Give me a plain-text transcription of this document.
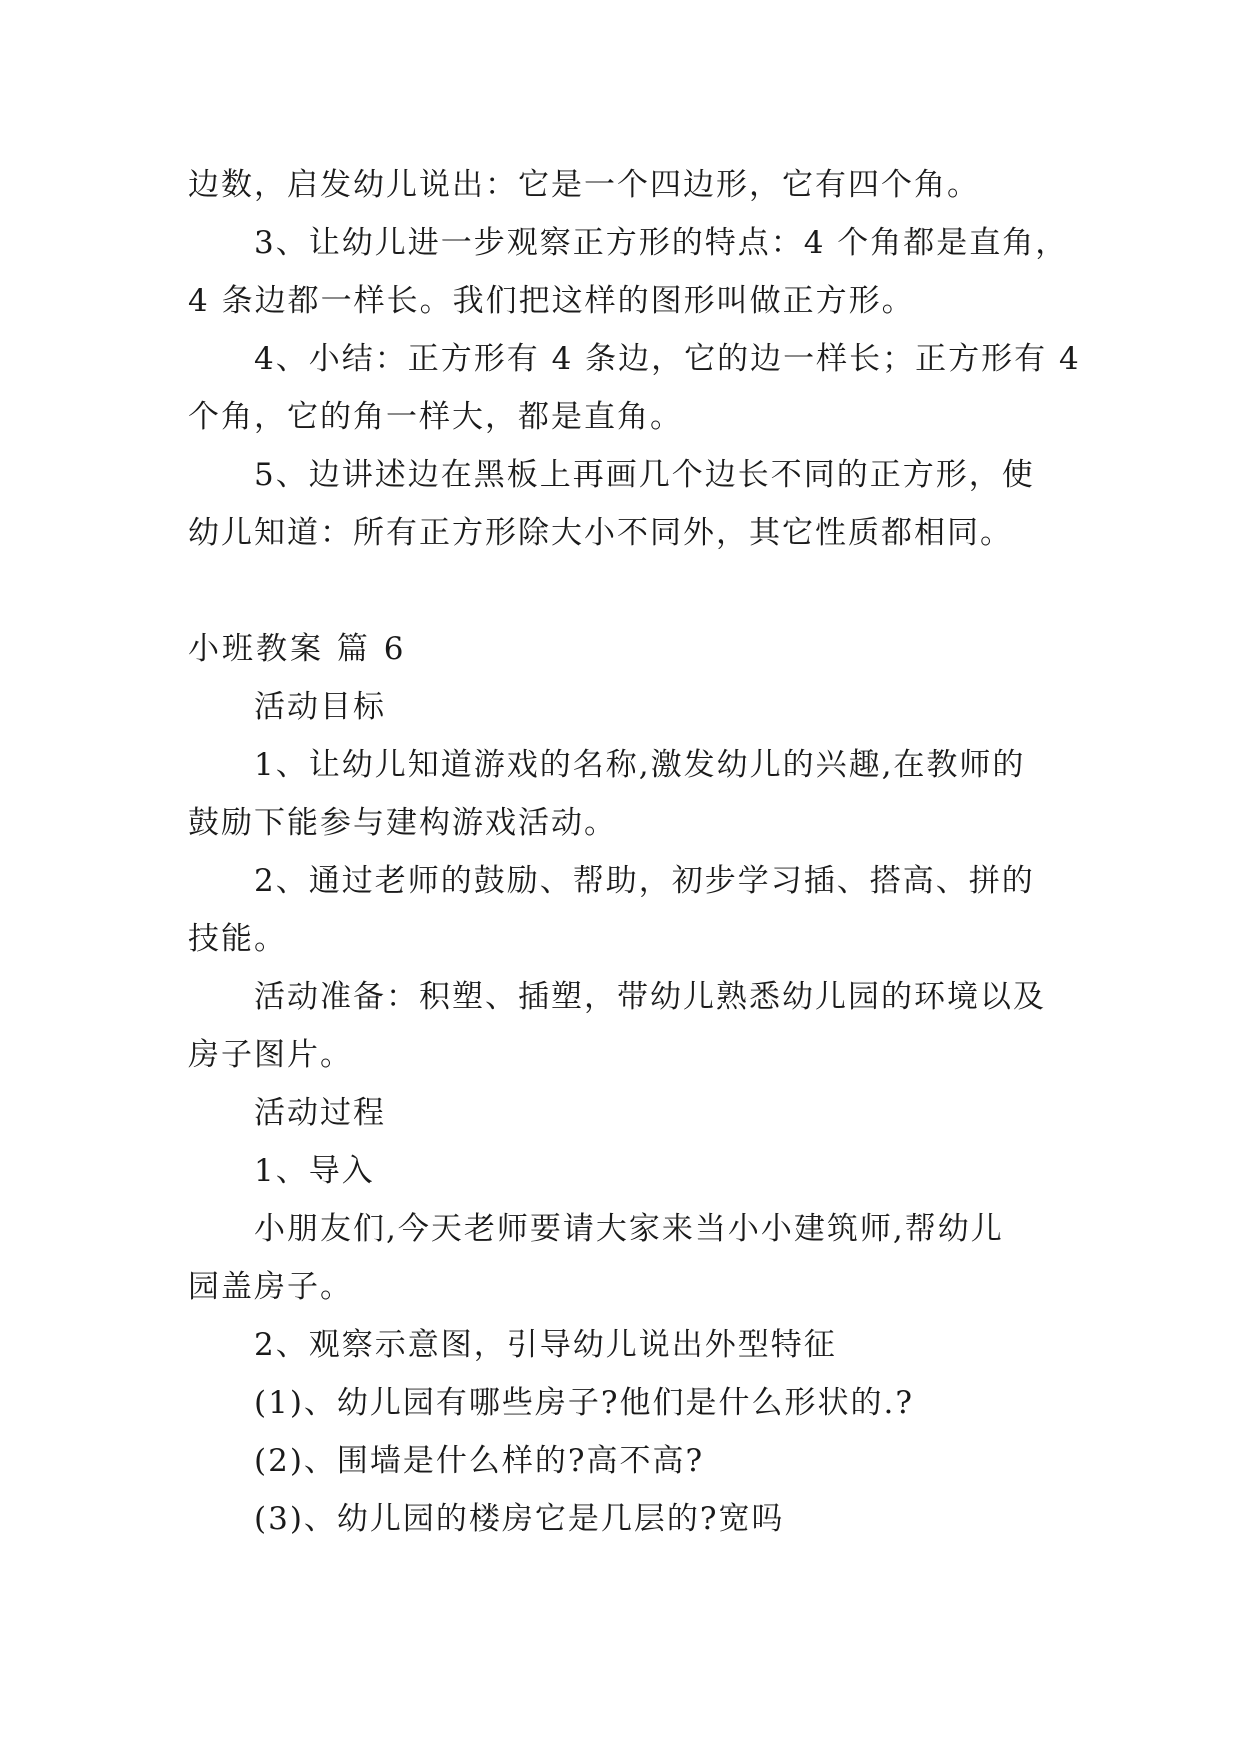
边数，启发幼儿说出：它是一个四边形，它有四个角。
3、让幼儿进一步观察正方形的特点：4 个角都是直角，
4 条边都一样长。我们把这样的图形叫做正方形。
4、小结：正方形有 4 条边，它的边一样长；正方形有 4
个角，它的角一样大，都是直角。
5、边讲述边在黑板上再画几个边长不同的正方形，使
幼儿知道：所有正方形除大小不同外，其它性质都相同。
小班教案 篇 6
活动目标
1、让幼儿知道游戏的名称,激发幼儿的兴趣,在教师的
鼓励下能参与建构游戏活动。
2、通过老师的鼓励、帮助，初步学习插、搭高、拼的
技能。
活动准备：积塑、插塑，带幼儿熟悉幼儿园的环境以及
房子图片。
活动过程
1、导入
小朋友们,今天老师要请大家来当小小建筑师,帮幼儿
园盖房子。
2、观察示意图，引导幼儿说出外型特征
(1)、幼儿园有哪些房子?他们是什么形状的.?
(2)、围墙是什么样的?高不高?
(3)、幼儿园的楼房它是几层的?宽吗
